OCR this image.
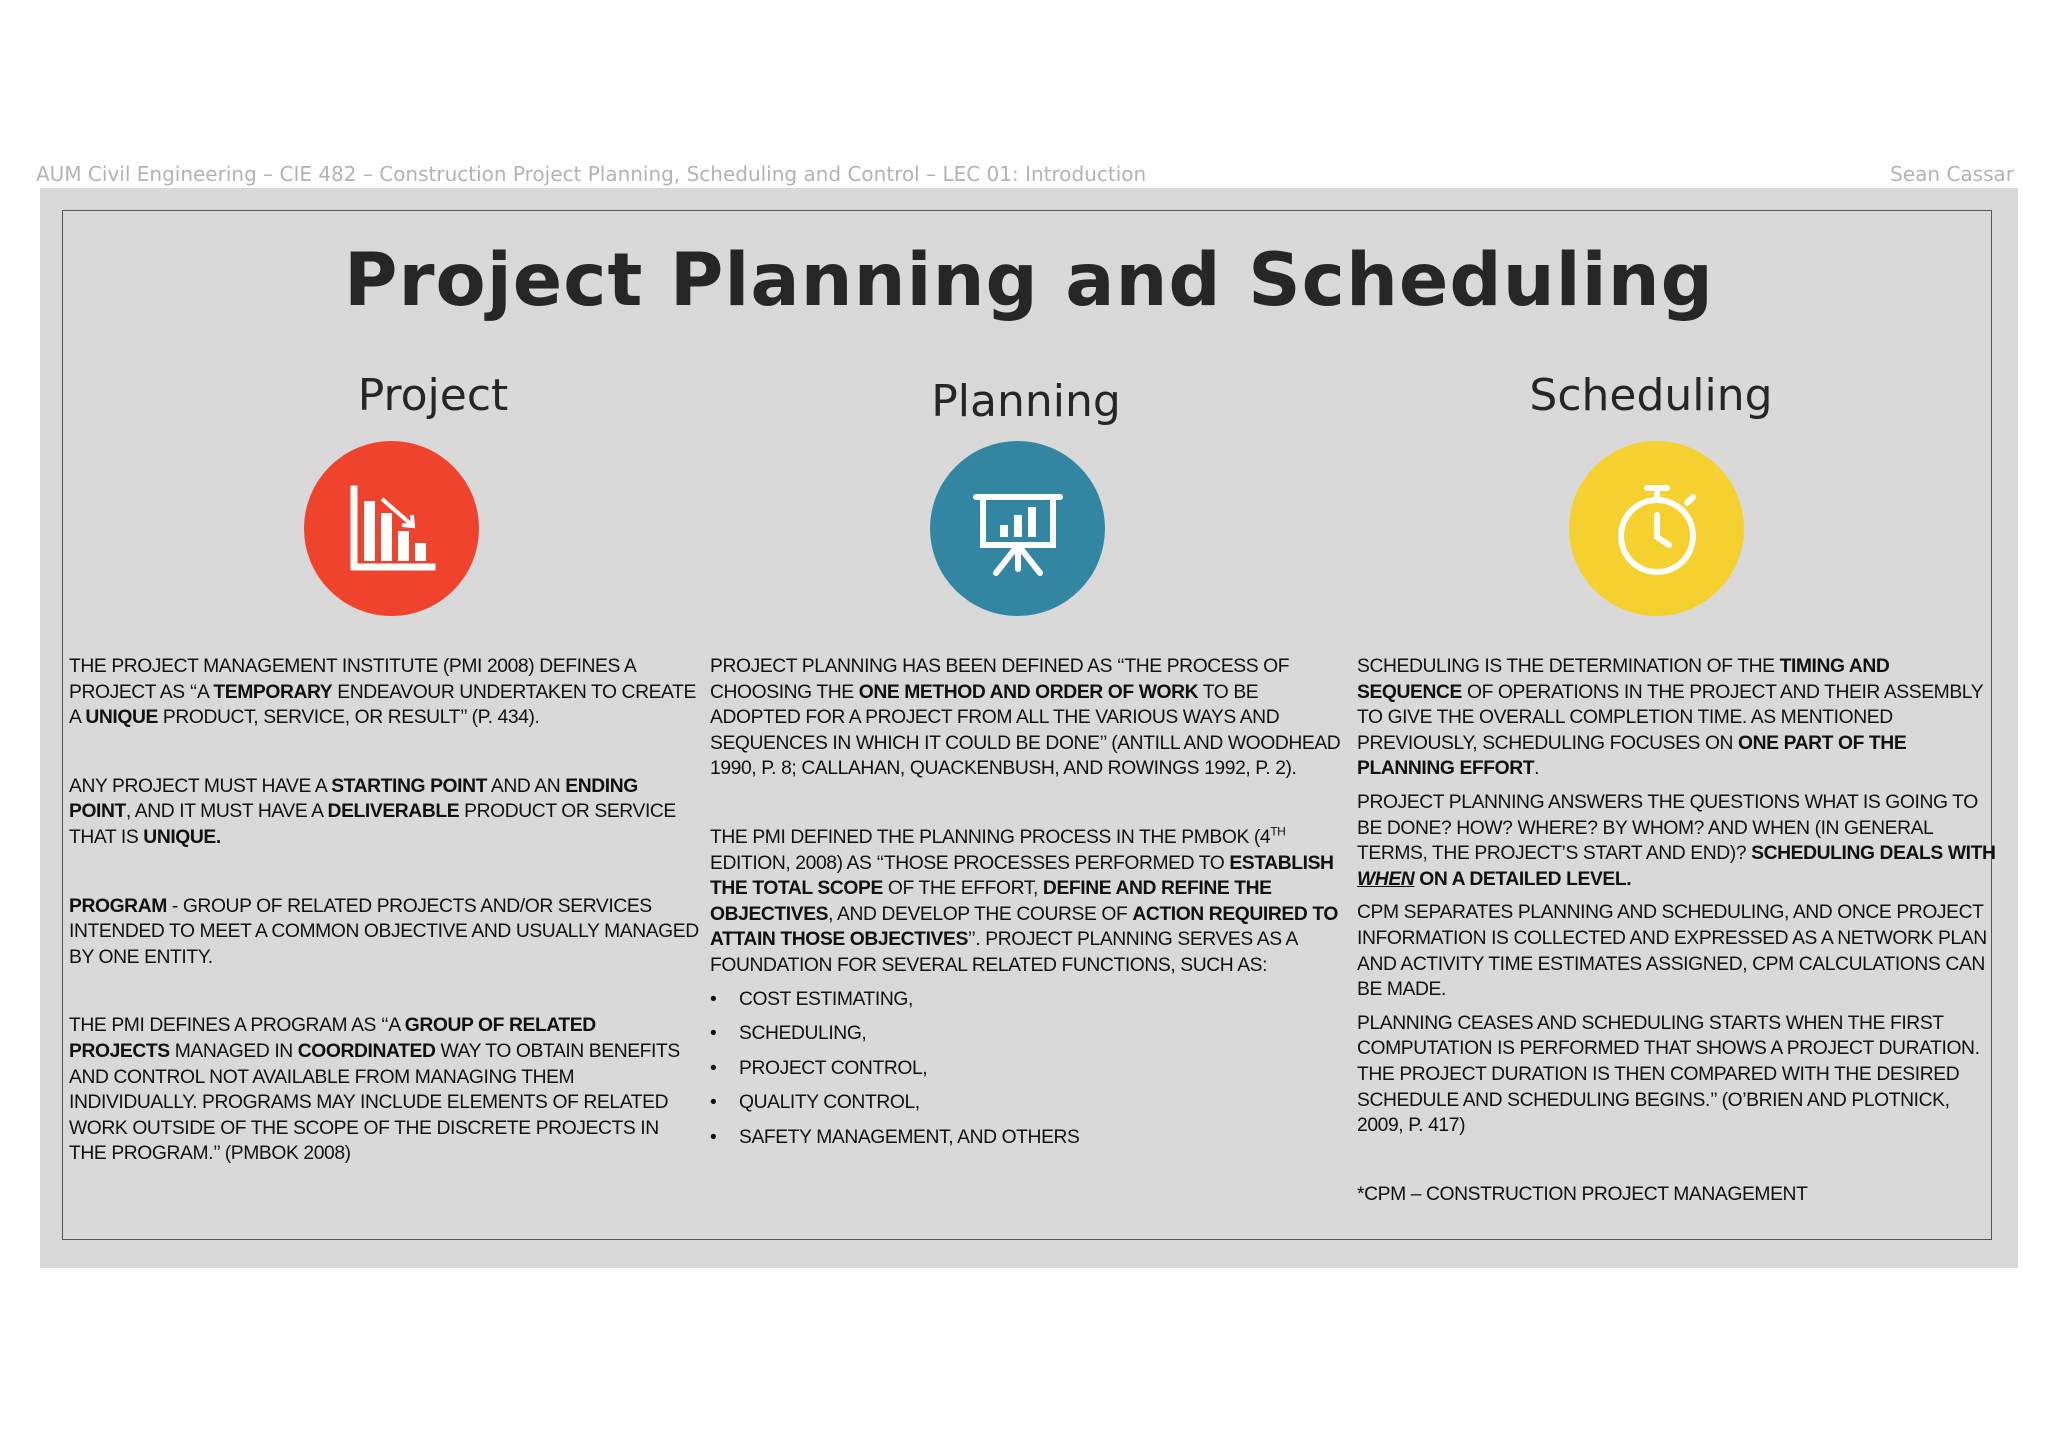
AUM Civil Engineering – CIE 482 – Construction Project Planning, Scheduling and Control – LEC 01: Introduction	Sean Cassar
Project Planning and Scheduling
Project	Planning	Scheduling

THE PROJECT MANAGEMENT INSTITUTE (PMI 2008) DEFINES A PROJECT AS ‘‘A TEMPORARY ENDEAVOUR UNDERTAKEN TO CREATE A UNIQUE PRODUCT, SERVICE, OR RESULT’’ (P. 434).

ANY PROJECT MUST HAVE A STARTING POINT AND AN ENDING POINT, AND IT MUST HAVE A DELIVERABLE PRODUCT OR SERVICE THAT IS UNIQUE.

PROGRAM - GROUP OF RELATED PROJECTS AND/OR SERVICES INTENDED TO MEET A COMMON OBJECTIVE AND USUALLY MANAGED BY ONE ENTITY.

THE PMI DEFINES A PROGRAM AS ‘‘A GROUP OF RELATED PROJECTS MANAGED IN COORDINATED WAY TO OBTAIN BENEFITS AND CONTROL NOT AVAILABLE FROM MANAGING THEM INDIVIDUALLY. PROGRAMS MAY INCLUDE ELEMENTS OF RELATED WORK OUTSIDE OF THE SCOPE OF THE DISCRETE PROJECTS IN THE PROGRAM.’’ (PMBOK 2008)

PROJECT PLANNING HAS BEEN DEFINED AS ‘‘THE PROCESS OF CHOOSING THE ONE METHOD AND ORDER OF WORK TO BE ADOPTED FOR A PROJECT FROM ALL THE VARIOUS WAYS AND SEQUENCES IN WHICH IT COULD BE DONE’’ (ANTILL AND WOODHEAD 1990, P. 8; CALLAHAN, QUACKENBUSH, AND ROWINGS 1992, P. 2).

THE PMI DEFINED THE PLANNING PROCESS IN THE PMBOK (4TH EDITION, 2008) AS ‘‘THOSE PROCESSES PERFORMED TO ESTABLISH THE TOTAL SCOPE OF THE EFFORT, DEFINE AND REFINE THE OBJECTIVES, AND DEVELOP THE COURSE OF ACTION REQUIRED TO ATTAIN THOSE OBJECTIVES’’. PROJECT PLANNING SERVES AS A FOUNDATION FOR SEVERAL RELATED FUNCTIONS, SUCH AS:

• COST ESTIMATING,
• SCHEDULING,
• PROJECT CONTROL,
• QUALITY CONTROL,
• SAFETY MANAGEMENT, AND OTHERS

SCHEDULING IS THE DETERMINATION OF THE TIMING AND SEQUENCE OF OPERATIONS IN THE PROJECT AND THEIR ASSEMBLY TO GIVE THE OVERALL COMPLETION TIME. AS MENTIONED PREVIOUSLY, SCHEDULING FOCUSES ON ONE PART OF THE PLANNING EFFORT.

PROJECT PLANNING ANSWERS THE QUESTIONS WHAT IS GOING TO BE DONE? HOW? WHERE? BY WHOM? AND WHEN (IN GENERAL TERMS, THE PROJECT’S START AND END)? SCHEDULING DEALS WITH WHEN ON A DETAILED LEVEL.

CPM SEPARATES PLANNING AND SCHEDULING, AND ONCE PROJECT INFORMATION IS COLLECTED AND EXPRESSED AS A NETWORK PLAN AND ACTIVITY TIME ESTIMATES ASSIGNED, CPM CALCULATIONS CAN BE MADE.

PLANNING CEASES AND SCHEDULING STARTS WHEN THE FIRST COMPUTATION IS PERFORMED THAT SHOWS A PROJECT DURATION. THE PROJECT DURATION IS THEN COMPARED WITH THE DESIRED SCHEDULE AND SCHEDULING BEGINS.’’ (O’BRIEN AND PLOTNICK, 2009, P. 417)

*CPM – CONSTRUCTION PROJECT MANAGEMENT
